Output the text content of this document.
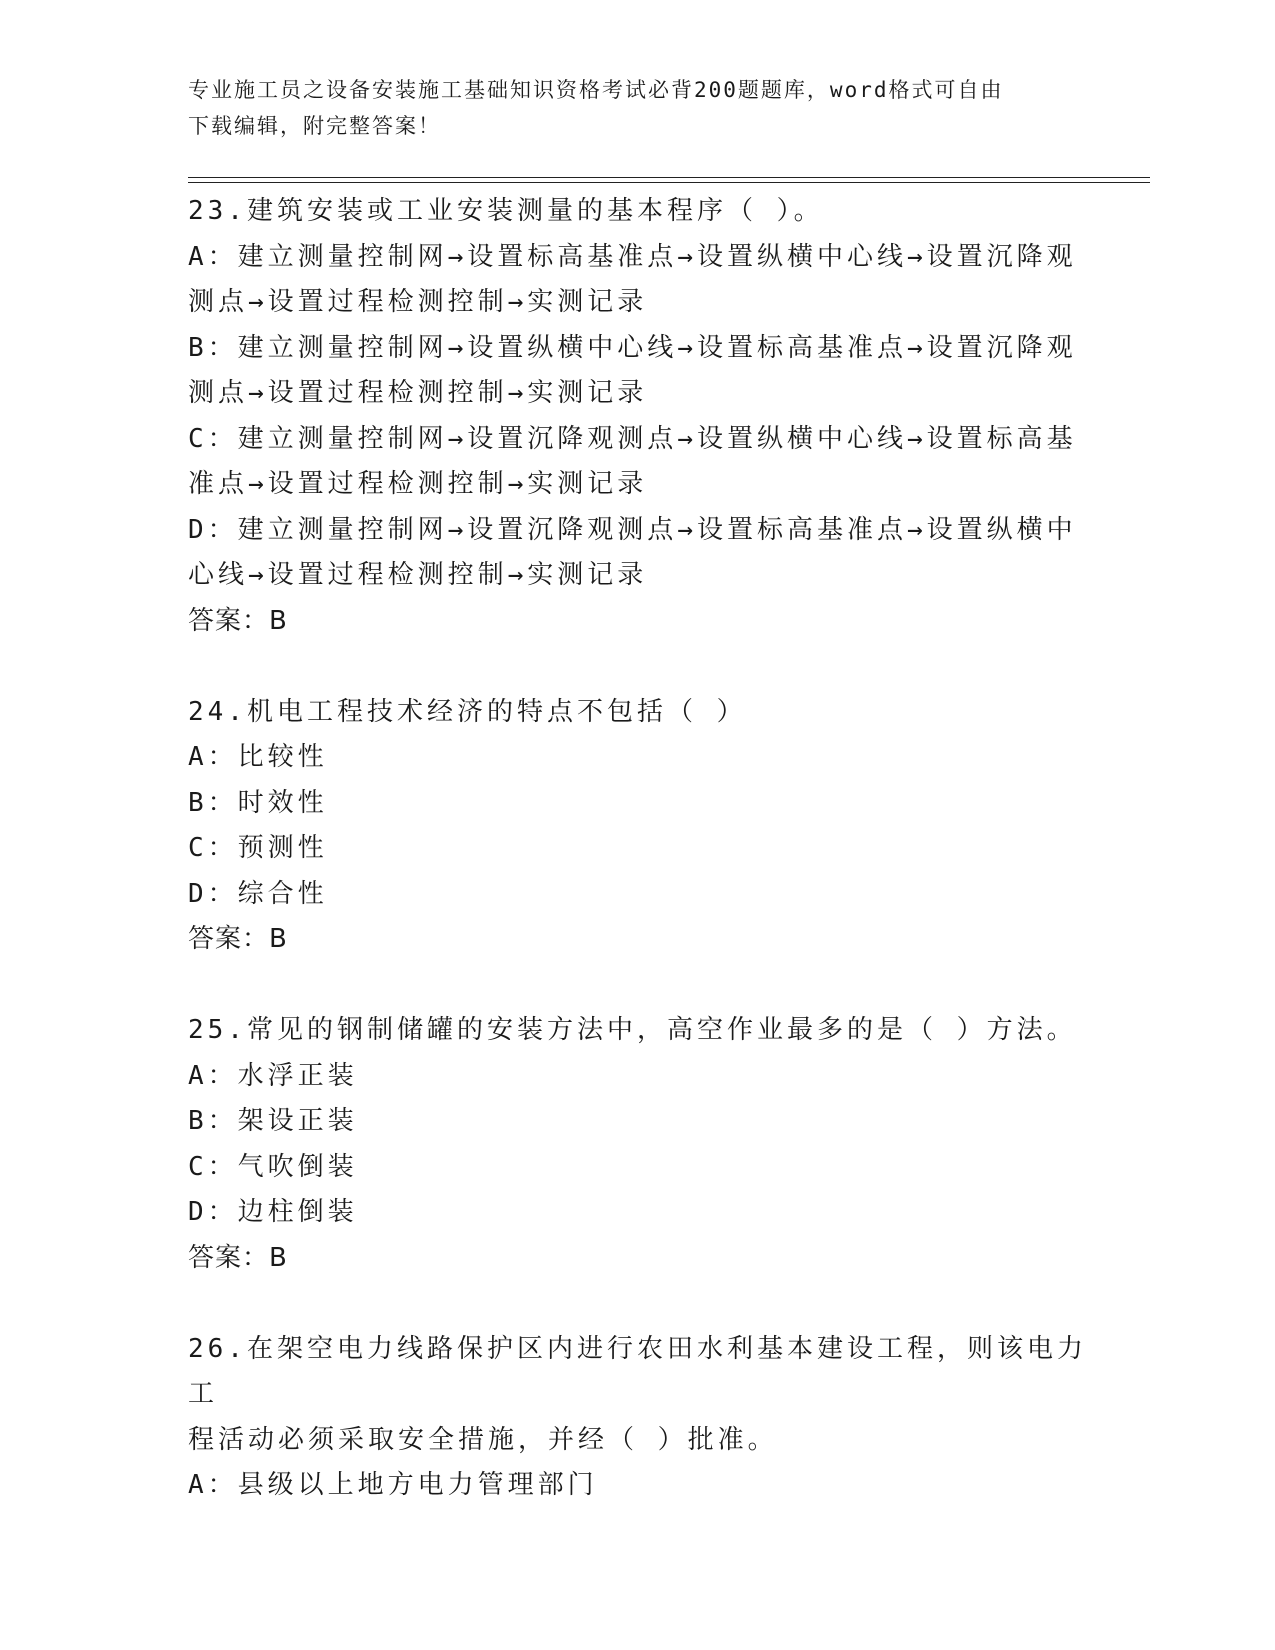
专业施工员之设备安装施工基础知识资格考试必背200题题库，word格式可自由
下载编辑，附完整答案！
23.建筑安装或工业安装测量的基本程序（ ）。
A：建立测量控制网→设置标高基准点→设置纵横中心线→设置沉降观
测点→设置过程检测控制→实测记录
B：建立测量控制网→设置纵横中心线→设置标高基准点→设置沉降观
测点→设置过程检测控制→实测记录
C：建立测量控制网→设置沉降观测点→设置纵横中心线→设置标高基
准点→设置过程检测控制→实测记录
D：建立测量控制网→设置沉降观测点→设置标高基准点→设置纵横中
心线→设置过程检测控制→实测记录
答案：B
24.机电工程技术经济的特点不包括（ ）
A：比较性
B：时效性
C：预测性
D：综合性
答案：B
25.常见的钢制储罐的安装方法中，高空作业最多的是（ ）方法。
A：水浮正装
B：架设正装
C：气吹倒装
D：边柱倒装
答案：B
26.在架空电力线路保护区内进行农田水利基本建设工程，则该电力工
程活动必须采取安全措施，并经（ ）批准。
A：县级以上地方电力管理部门
